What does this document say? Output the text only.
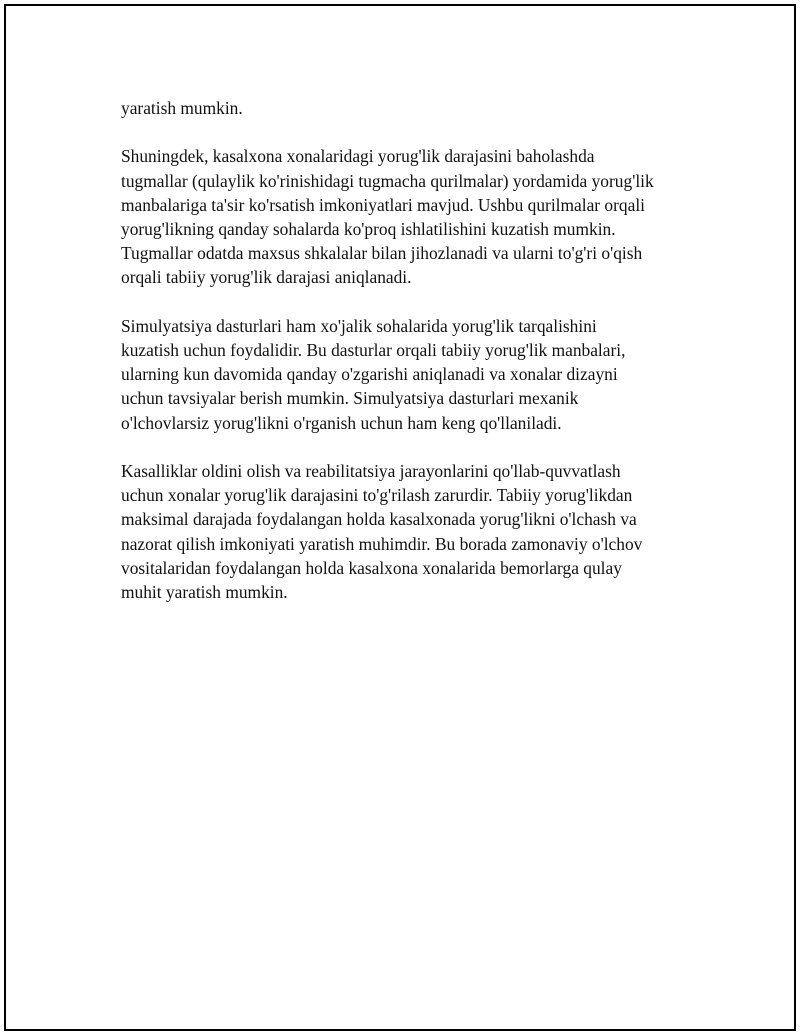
yaratish mumkin.

Shuningdek, kasalxona xonalaridagi yorug'lik darajasini baholashda
tugmallar (qulaylik ko'rinishidagi tugmacha qurilmalar) yordamida yorug'lik
manbalariga ta'sir ko'rsatish imkoniyatlari mavjud. Ushbu qurilmalar orqali
yorug'likning qanday sohalarda ko'proq ishlatilishini kuzatish mumkin.
Tugmallar odatda maxsus shkalalar bilan jihozlanadi va ularni to'g'ri o'qish
orqali tabiiy yorug'lik darajasi aniqlanadi.

Simulyatsiya dasturlari ham xo'jalik sohalarida yorug'lik tarqalishini
kuzatish uchun foydalidir. Bu dasturlar orqali tabiiy yorug'lik manbalari,
ularning kun davomida qanday o'zgarishi aniqlanadi va xonalar dizayni
uchun tavsiyalar berish mumkin. Simulyatsiya dasturlari mexanik
o'lchovlarsiz yorug'likni o'rganish uchun ham keng qo'llaniladi.

Kasalliklar oldini olish va reabilitatsiya jarayonlarini qo'llab-quvvatlash
uchun xonalar yorug'lik darajasini to'g'rilash zarurdir. Tabiiy yorug'likdan
maksimal darajada foydalangan holda kasalxonada yorug'likni o'lchash va
nazorat qilish imkoniyati yaratish muhimdir. Bu borada zamonaviy o'lchov
vositalaridan foydalangan holda kasalxona xonalarida bemorlarga qulay
muhit yaratish mumkin.
